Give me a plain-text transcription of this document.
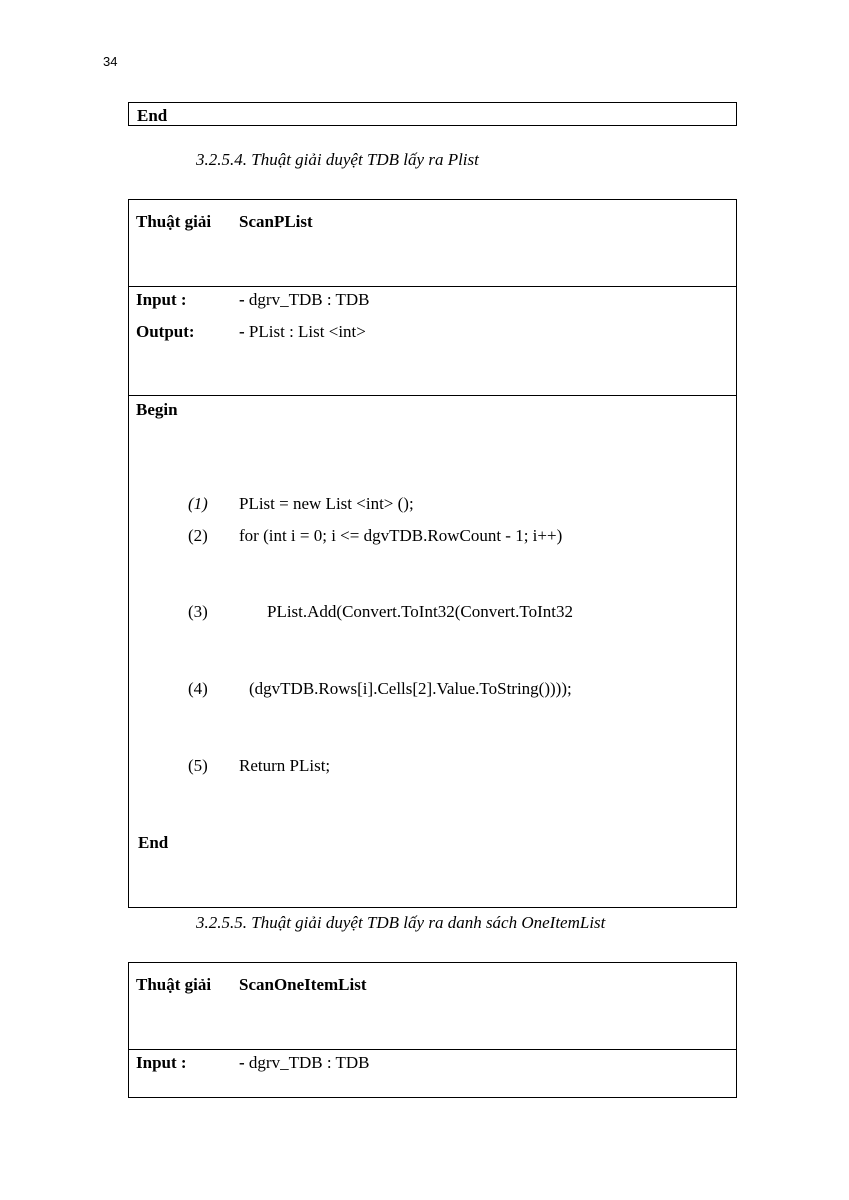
34
End
3.2.5.4. Thuật giải duyệt TDB lấy ra Plist
Thuật giải ScanPList
Input :	- dgrv_TDB : TDB
Output:	- PList : List <int>
Begin
(1) PList = new List <int> ();
(2) for (int i = 0; i <= dgvTDB.RowCount - 1; i++)
(3)	PList.Add(Convert.ToInt32(Convert.ToInt32
(4) (dgvTDB.Rows[i].Cells[2].Value.ToString())));
(5) Return PList;
End
3.2.5.5. Thuật giải duyệt TDB lấy ra danh sách OneItemList
Thuật giải ScanOneItemList
Input :	- dgrv_TDB : TDB
